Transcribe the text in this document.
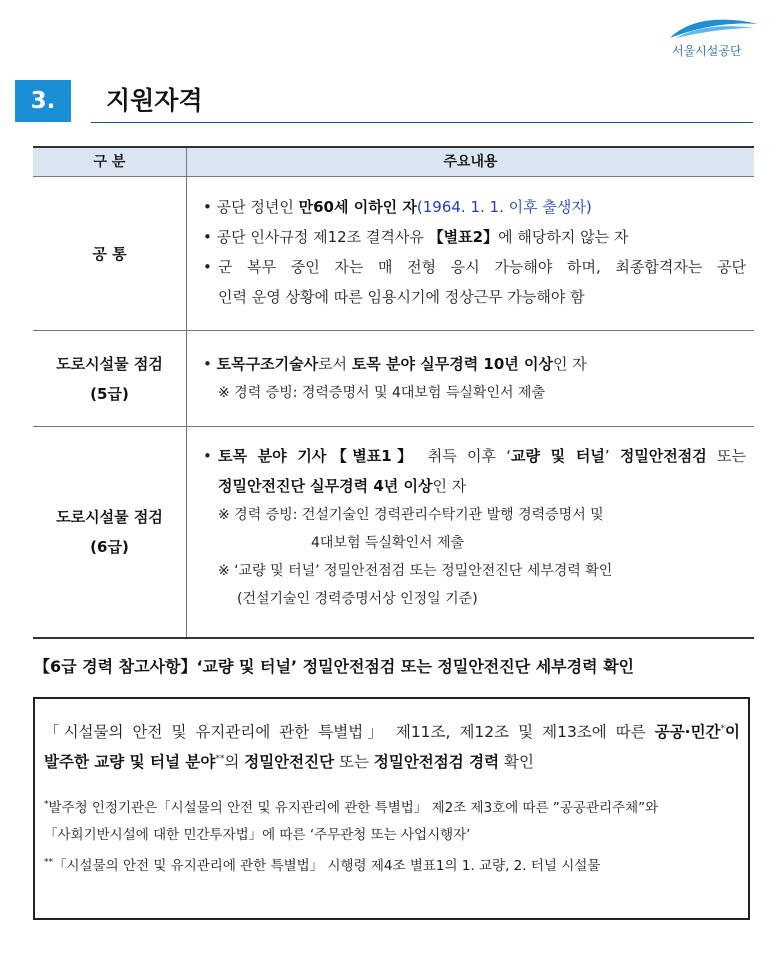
서울시설공단
3.	지원자격
구 분	주요내용
공 통
• 공단 정년인 만60세 이하인 자(1964. 1. 1. 이후 출생자)
• 공단 인사규정 제12조 결격사유 【별표2】에 해당하지 않는 자
• 군 복무 중인 자는 매 전형 응시 가능해야 하며, 최종합격자는 공단
인력 운영 상황에 따른 임용시기에 정상근무 가능해야 함
도로시설물 점검
(5급)
• 토목구조기술사로서 토목 분야 실무경력 10년 이상인 자
※ 경력 증빙: 경력증명서 및 4대보험 득실확인서 제출
도로시설물 점검
(6급)
• 토목 분야 기사【별표1】 취득 이후 ‘교량 및 터널’ 정밀안전점검 또는
정밀안전진단 실무경력 4년 이상인 자
※ 경력 증빙: 건설기술인 경력관리수탁기관 발행 경력증명서 및
4대보험 득실확인서 제출
※ ‘교량 및 터널’ 정밀안전점검 또는 정밀안전진단 세부경력 확인
(건설기술인 경력증명서상 인정일 기준)
【6급 경력 참고사항】‘교량 및 터널’ 정밀안전점검 또는 정밀안전진단 세부경력 확인
「시설물의 안전 및 유지관리에 관한 특별법」 제11조, 제12조 및 제13조에 따른 공공·민간*이
발주한 교량 및 터널 분야**의 정밀안전진단 또는 정밀안전점검 경력 확인
*발주청 인정기관은「시설물의 안전 및 유지관리에 관한 특별법」 제2조 제3호에 따른 ”공공관리주체”와
「사회기반시설에 대한 민간투자법」에 따른 ‘주무관청 또는 사업시행자’
**「시설물의 안전 및 유지관리에 관한 특별법」 시행령 제4조 별표1의 1. 교량, 2. 터널 시설물
